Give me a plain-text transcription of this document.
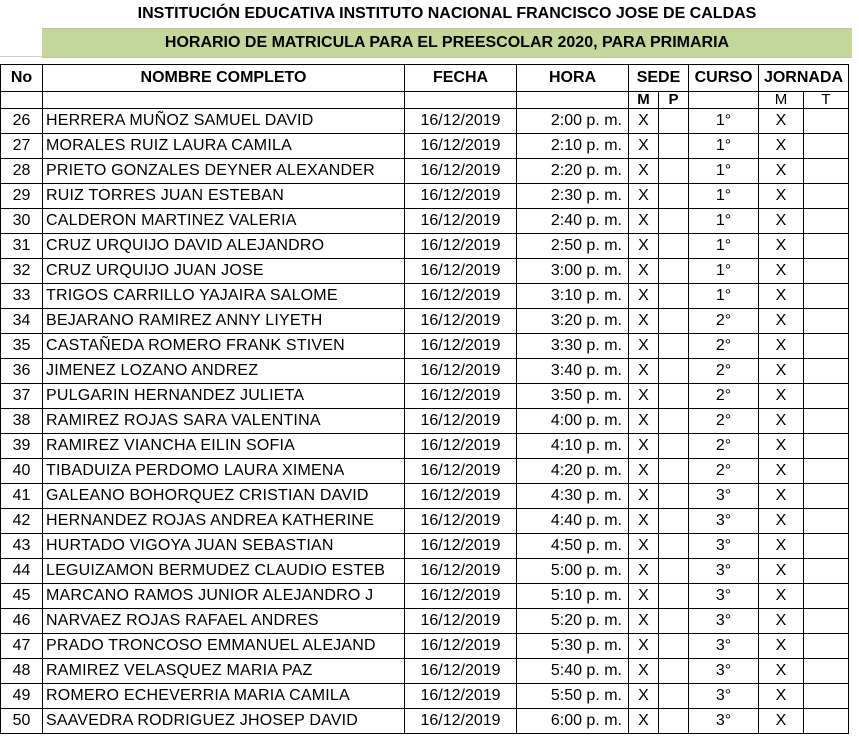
INSTITUCIÓN EDUCATIVA INSTITUTO NACIONAL FRANCISCO JOSE DE CALDAS
HORARIO DE MATRICULA PARA EL PREESCOLAR 2020, PARA PRIMARIA
No	NOMBRE COMPLETO	FECHA	HORA	SEDE		CURSO	JORNADA	
				M	P		M	T
26	HERRERA MUÑOZ SAMUEL DAVID	16/12/2019	2:00 p. m.	X		1°	X	
27	MORALES RUIZ LAURA CAMILA	16/12/2019	2:10 p. m.	X		1°	X	
28	PRIETO GONZALES DEYNER ALEXANDER	16/12/2019	2:20 p. m.	X		1°	X	
29	RUIZ TORRES JUAN ESTEBAN	16/12/2019	2:30 p. m.	X		1°	X	
30	CALDERON MARTINEZ VALERIA	16/12/2019	2:40 p. m.	X		1°	X	
31	CRUZ URQUIJO DAVID ALEJANDRO	16/12/2019	2:50 p. m.	X		1°	X	
32	CRUZ URQUIJO JUAN JOSE	16/12/2019	3:00 p. m.	X		1°	X	
33	TRIGOS CARRILLO YAJAIRA SALOME	16/12/2019	3:10 p. m.	X		1°	X	
34	BEJARANO RAMIREZ ANNY LIYETH	16/12/2019	3:20 p. m.	X		2°	X	
35	CASTAÑEDA ROMERO FRANK STIVEN	16/12/2019	3:30 p. m.	X		2°	X	
36	JIMENEZ LOZANO ANDREZ	16/12/2019	3:40 p. m.	X		2°	X	
37	PULGARIN HERNANDEZ JULIETA	16/12/2019	3:50 p. m.	X		2°	X	
38	RAMIREZ ROJAS SARA VALENTINA	16/12/2019	4:00 p. m.	X		2°	X	
39	RAMIREZ VIANCHA EILIN SOFIA	16/12/2019	4:10 p. m.	X		2°	X	
40	TIBADUIZA PERDOMO LAURA XIMENA	16/12/2019	4:20 p. m.	X		2°	X	
41	GALEANO BOHORQUEZ CRISTIAN DAVID	16/12/2019	4:30 p. m.	X		3°	X	
42	HERNANDEZ ROJAS ANDREA KATHERINE	16/12/2019	4:40 p. m.	X		3°	X	
43	HURTADO VIGOYA JUAN SEBASTIAN	16/12/2019	4:50 p. m.	X		3°	X	
44	LEGUIZAMON BERMUDEZ CLAUDIO ESTEB	16/12/2019	5:00 p. m.	X		3°	X	
45	MARCANO RAMOS JUNIOR ALEJANDRO J	16/12/2019	5:10 p. m.	X		3°	X	
46	NARVAEZ ROJAS RAFAEL ANDRES	16/12/2019	5:20 p. m.	X		3°	X	
47	PRADO TRONCOSO EMMANUEL ALEJAND	16/12/2019	5:30 p. m.	X		3°	X	
48	RAMIREZ VELASQUEZ MARIA PAZ	16/12/2019	5:40 p. m.	X		3°	X	
49	ROMERO ECHEVERRIA MARIA CAMILA	16/12/2019	5:50 p. m.	X		3°	X	
50	SAAVEDRA RODRIGUEZ JHOSEP DAVID	16/12/2019	6:00 p. m.	X		3°	X	
